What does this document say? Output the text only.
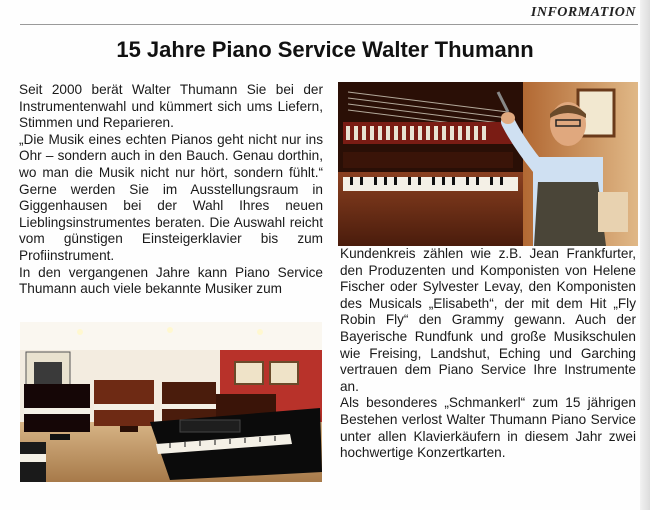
INFORMATION
15 Jahre Piano Service Walter Thumann

Seit 2000 berät Walter Thumann Sie bei der Instrumentenwahl und kümmert sich ums Liefern, Stimmen und Reparieren.

„Die Musik eines echten Pianos geht nicht nur ins Ohr – sondern auch in den Bauch. Genau dorthin, wo man die Musik nicht nur hört, sondern fühlt.“ Gerne werden Sie im Ausstellungsraum in Giggenhausen bei der Wahl Ihres neuen Lieblingsinstrumentes beraten. Die Auswahl reicht vom günstigen Einsteigerklavier bis zum Profiinstrument.

In den vergangenen Jahre kann Piano Service Thumann auch viele bekannte Musiker zum

Kundenkreis zählen wie z.B. Jean Frankfurter, den Produzenten und Komponisten von Helene Fischer oder Sylvester Levay, den Komponisten des Musicals „Elisabeth“, der mit dem Hit „Fly Robin Fly“ den Grammy gewann. Auch der Bayerische Rundfunk und große Musikschulen wie Freising, Landshut, Eching und Garching vertrauen dem Piano Service Ihre Instrumente an.

Als besonderes „Schmankerl“ zum 15 jährigen Bestehen verlost Walter Thumann Piano Service unter allen Klavierkäufern in diesem Jahr zwei hochwertige Konzertkarten.
